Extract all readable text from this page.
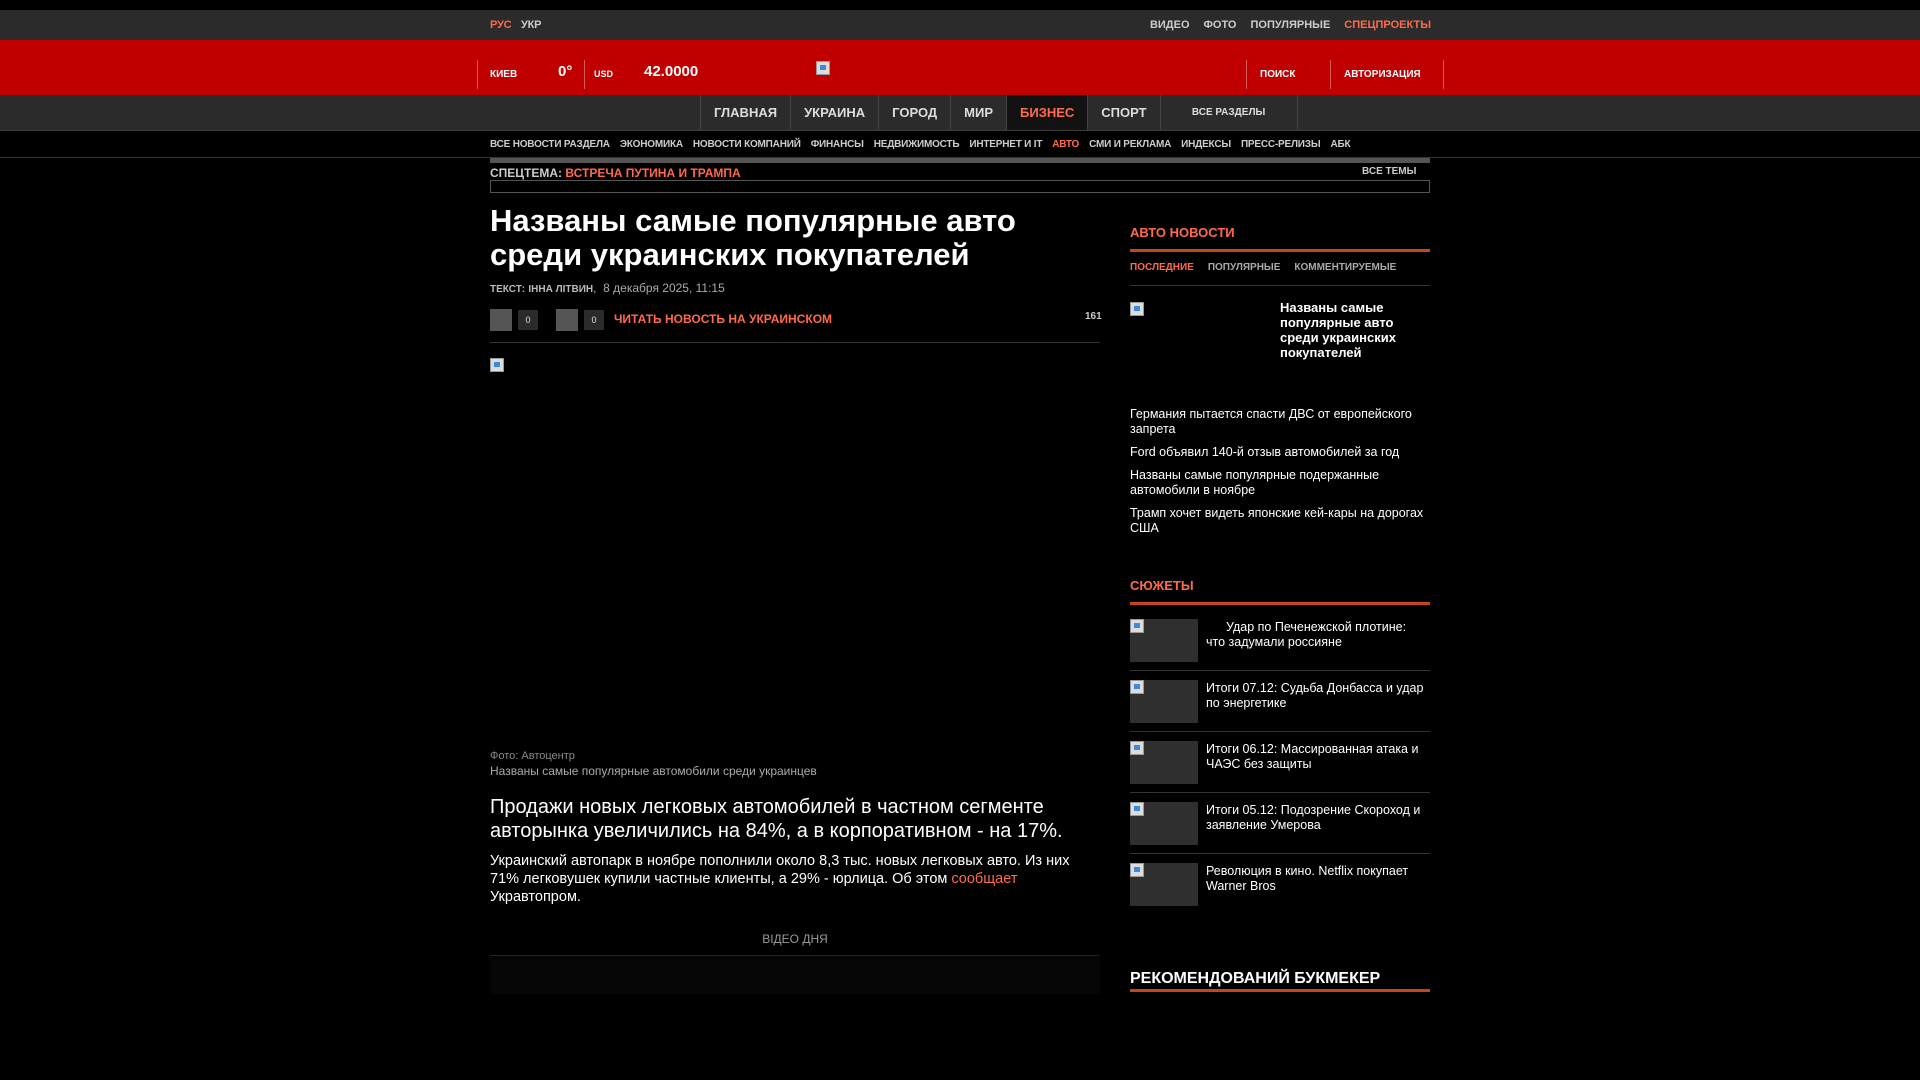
РУС УКР	ВИДЕО ФОТО ПОПУЛЯРНЫЕ СПЕЦПРОЕКТЫ
КИЕВ	0° USD 42.0000	ПОИСК	АВТОРИЗАЦИЯ
ГЛАВНАЯ	УКРАИНА	ГОРОД	МИР	БИЗНЕС	СПОРТ	ВСЕ РАЗДЕЛЫ
ВСЕ НОВОСТИ РАЗДЕЛА ЭКОНОМИКА НОВОСТИ КОМПАНИЙ ФИНАНСЫ НЕДВИЖИМОСТЬ ИНТЕРНЕТ И IT АВТО СМИ И РЕКЛАМА ИНДЕКСЫ ПРЕСС-РЕЛИЗЫ АБК
СПЕЦТЕМА: ВСТРЕЧА ПУТИНА И ТРАМПА	ВСЕ ТЕМЫ
Названы самые популярные авто среди украинских покупателей
ТЕКСТ: ІННА ЛІТВИН,  8 декабря 2025, 11:15
0	0	ЧИТАТЬ НОВОСТЬ НА УКРАИНСКОМ	161
Фото: Автоцентр
Названы самые популярные автомобили среди украинцев

Продажи новых легковых автомобилей в частном сегменте авторынка увеличились на 84%, а в корпоративном - на 17%.

Украинский автопарк в ноябре пополнили около 8,3 тыс. новых легковых авто. Из них 71% легковушек купили частные клиенты, а 29% - юрлица. Об этом сообщает Укравтопром.

ВІДЕО ДНЯ
АВТО НОВОСТИ
ПОСЛЕДНИЕ ПОПУЛЯРНЫЕ КОММЕНТИРУЕМЫЕ
Названы самые популярные авто среди украинских покупателей
Германия пытается спасти ДВС от европейского запрета
Ford объявил 140-й отзыв автомобилей за год
Названы самые популярные подержанные автомобили в ноябре
Трамп хочет видеть японские кей-кары на дорогах США
СЮЖЕТЫ
Удар по Печенежской плотине: что задумали россияне
Итоги 07.12: Судьба Донбасса и удар по энергетике
Итоги 06.12: Массированная атака и ЧАЭС без защиты
Итоги 05.12: Подозрение Скороход и заявление Умерова
Революция в кино. Netflix покупает Warner Bros
РЕКОМЕНДОВАНИЙ БУКМЕКЕР
